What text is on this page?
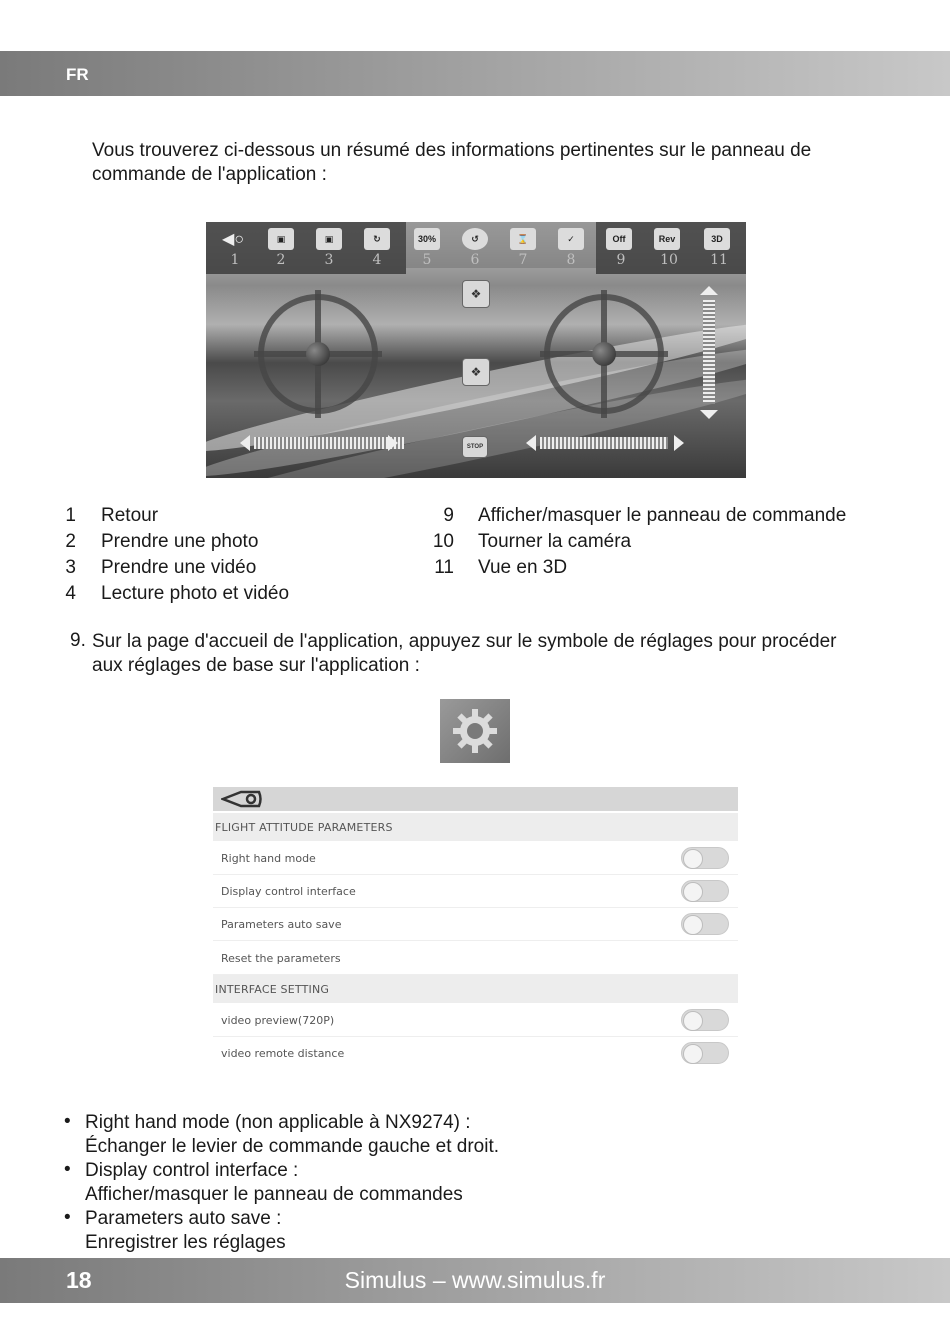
FR
Vous trouverez ci-dessous un résumé des informations pertinentes sur le panneau de commande de l'application :
◀○	▣	▣	↻	30%	↺	⌛	✓	Off	Rev	3D
1	2	3	4	5	6	7	8	9	10 11
❖
❖
STOP
1 Retour
2 Prendre une photo
3 Prendre une vidéo
4 Lecture photo et vidéo
9 Afficher/masquer le panneau de commande
10 Tourner la caméra
11 Vue en 3D
9. Sur la page d'accueil de l'application, appuyez sur le symbole de réglages pour procéder aux réglages de base sur l'application :
FLIGHT ATTITUDE PARAMETERS
Right hand mode
Display control interface
Parameters auto save
Reset the parameters
INTERFACE SETTING
video preview(720P)
video remote distance
• Right hand mode (non applicable à NX9274) :
Échanger le levier de commande gauche et droit.
• Display control interface :
Afficher/masquer le panneau de commandes
• Parameters auto save :
Enregistrer les réglages
18	Simulus – www.simulus.fr
